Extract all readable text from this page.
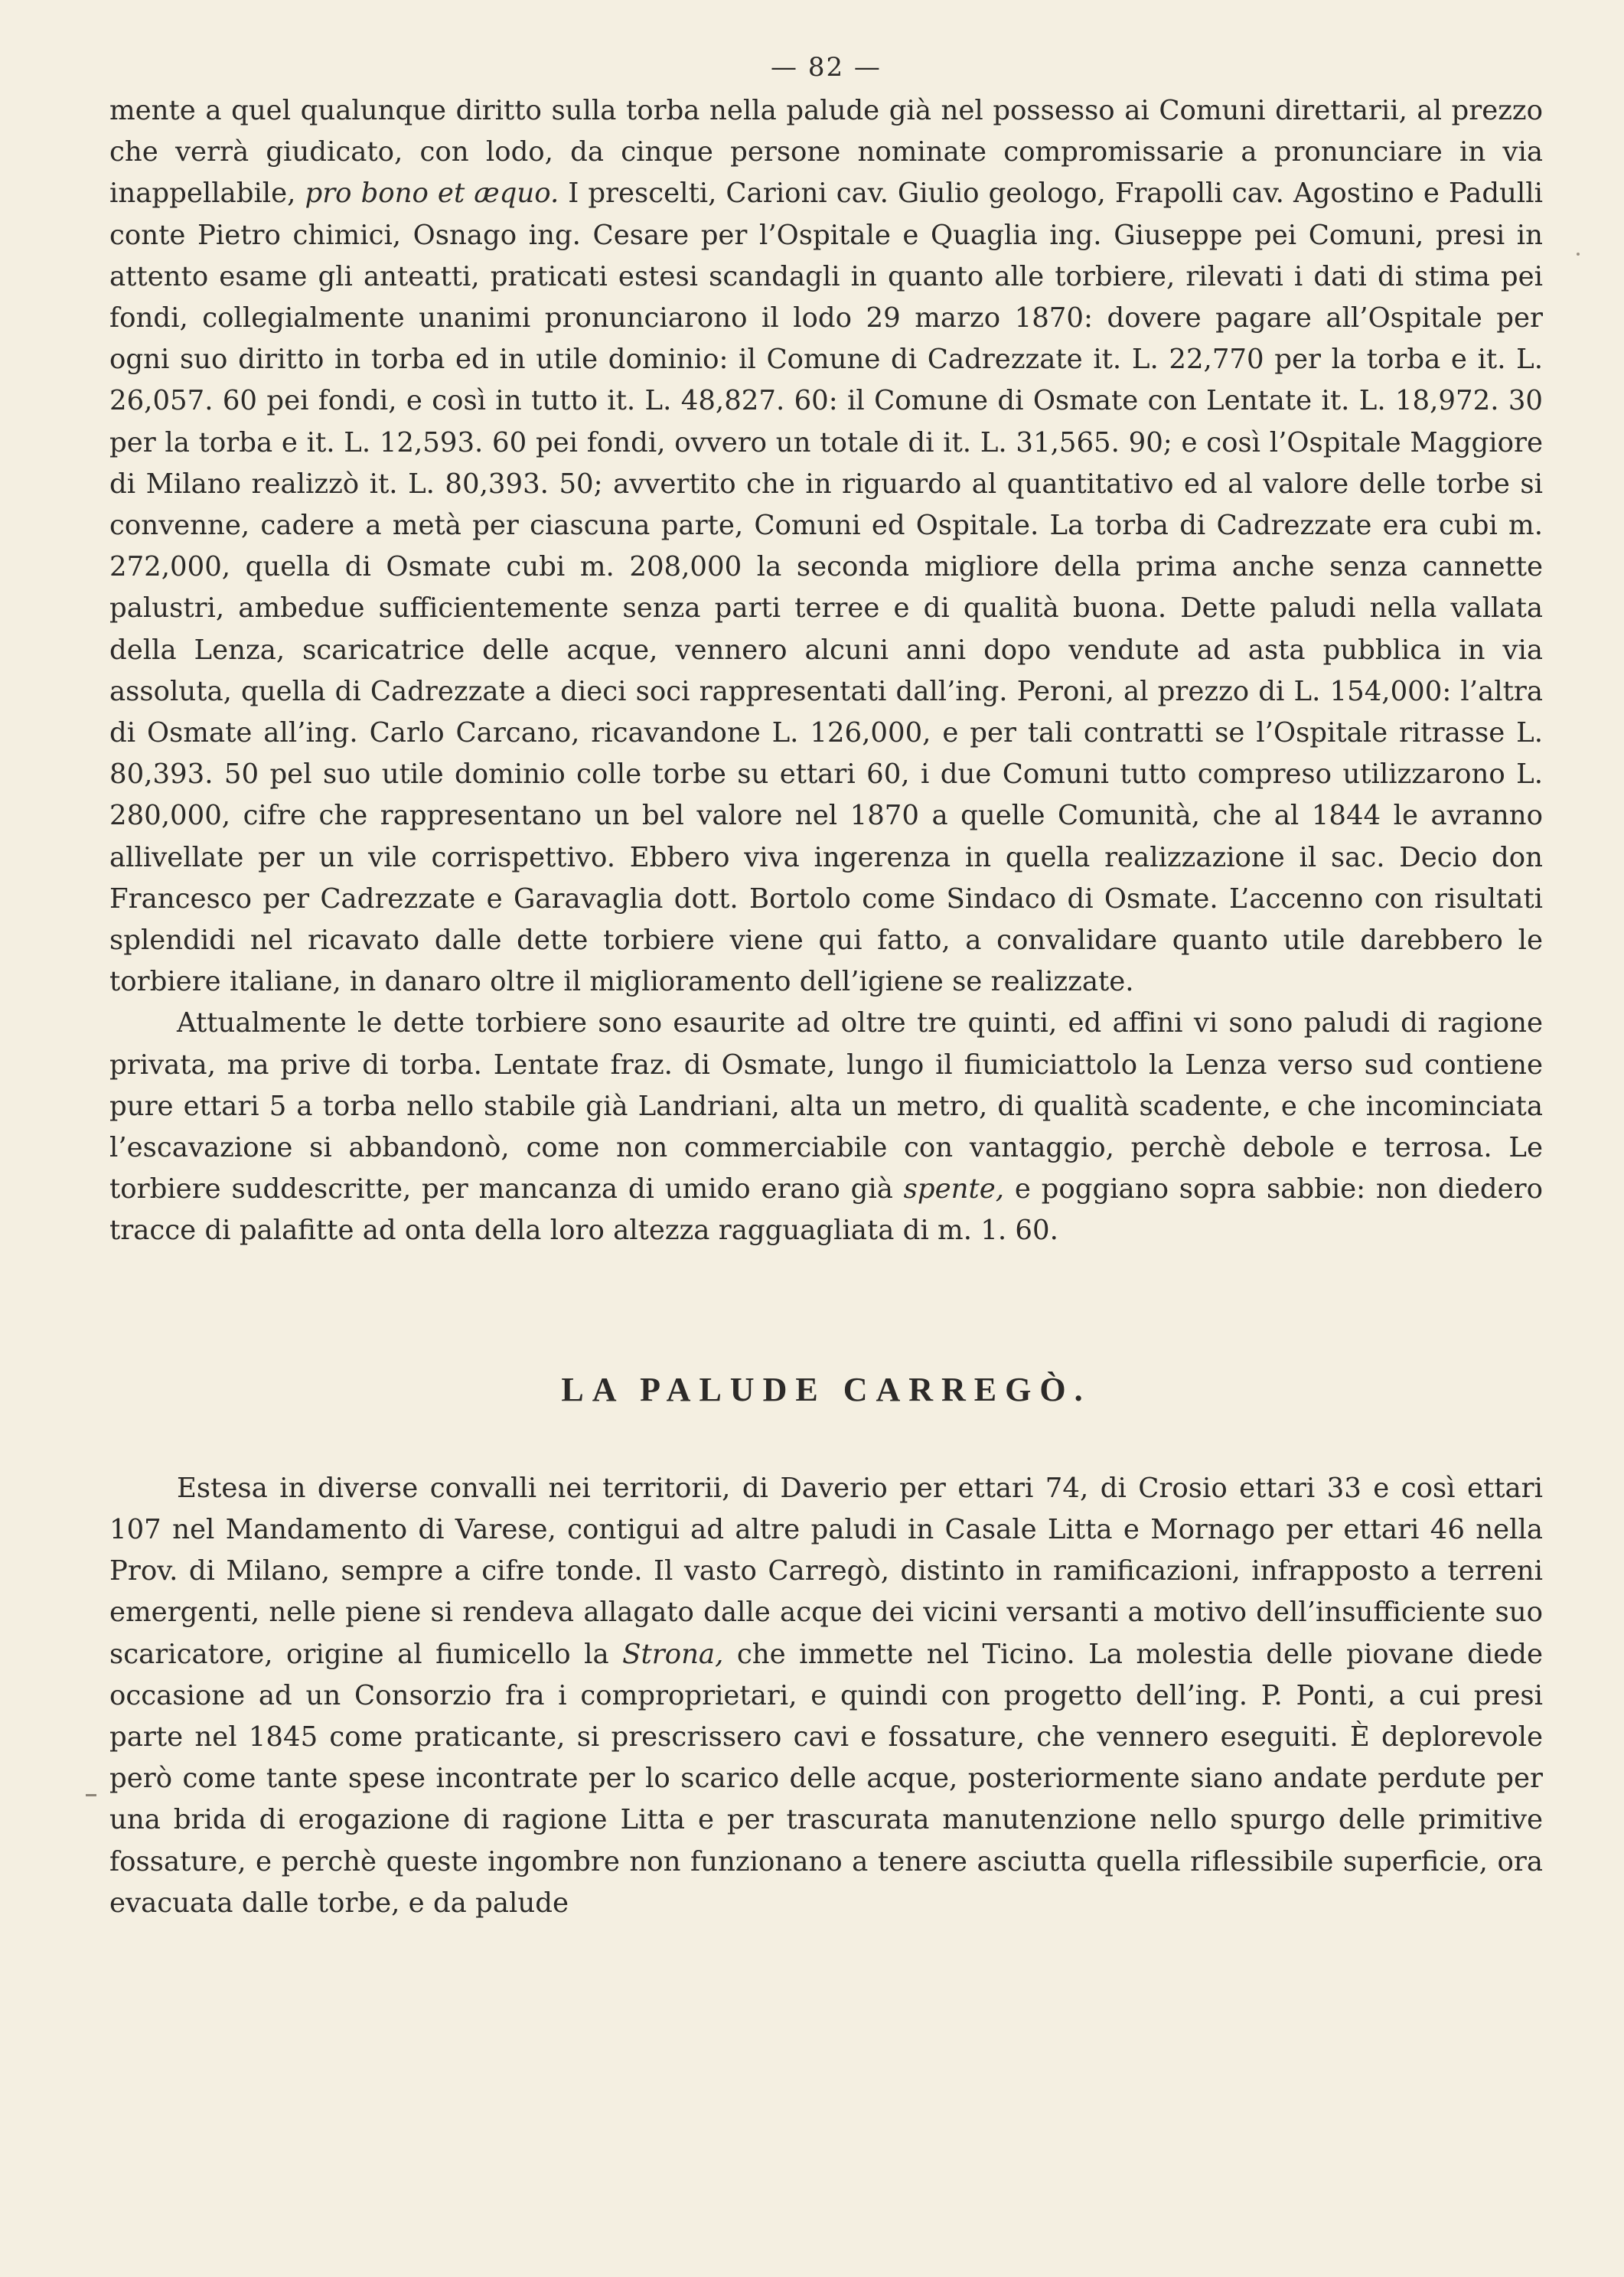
— 82 —

mente a quel qualunque diritto sulla torba nella palude già nel possesso ai Comuni direttarii, al prezzo che verrà giudicato, con lodo, da cinque persone nominate compromissarie a pronunciare in via inappellabile, pro bono et æquo. I prescelti, Carioni cav. Giulio geologo, Frapolli cav. Agostino e Padulli conte Pietro chimici, Osnago ing. Cesare per l’Ospitale e Quaglia ing. Giuseppe pei Comuni, presi in attento esame gli anteatti, praticati estesi scandagli in quanto alle torbiere, rilevati i dati di stima pei fondi, collegialmente unanimi pronunciarono il lodo 29 marzo 1870: dovere pagare all’Ospitale per ogni suo diritto in torba ed in utile dominio: il Comune di Cadrezzate it. L. 22,770 per la torba e it. L. 26,057. 60 pei fondi, e così in tutto it. L. 48,827. 60: il Comune di Osmate con Lentate it. L. 18,972. 30 per la torba e it. L. 12,593. 60 pei fondi, ovvero un totale di it. L. 31,565. 90; e così l’Ospitale Maggiore di Milano realizzò it. L. 80,393. 50; avvertito che in riguardo al quantitativo ed al valore delle torbe si convenne, cadere a metà per ciascuna parte, Comuni ed Ospitale. La torba di Cadrezzate era cubi m. 272,000, quella di Osmate cubi m. 208,000 la seconda migliore della prima anche senza cannette palustri, ambedue sufficientemente senza parti terree e di qualità buona. Dette paludi nella vallata della Lenza, scaricatrice delle acque, vennero alcuni anni dopo vendute ad asta pubblica in via assoluta, quella di Cadrezzate a dieci soci rappresentati dall’ing. Peroni, al prezzo di L. 154,000: l’altra di Osmate all’ing. Carlo Carcano, ricavandone L. 126,000, e per tali contratti se l’Ospitale ritrasse L. 80,393. 50 pel suo utile dominio colle torbe su ettari 60, i due Comuni tutto compreso utilizzarono L. 280,000, cifre che rappresentano un bel valore nel 1870 a quelle Comunità, che al 1844 le avranno allivellate per un vile corrispettivo. Ebbero viva ingerenza in quella realizzazione il sac. Decio don Francesco per Cadrezzate e Garavaglia dott. Bortolo come Sindaco di Osmate. L’accenno con risultati splendidi nel ricavato dalle dette torbiere viene qui fatto, a convalidare quanto utile darebbero le torbiere italiane, in danaro oltre il miglioramento dell’igiene se realizzate.

Attualmente le dette torbiere sono esaurite ad oltre tre quinti, ed affini vi sono paludi di ragione privata, ma prive di torba. Lentate fraz. di Osmate, lungo il fiumiciattolo la Lenza verso sud contiene pure ettari 5 a torba nello stabile già Landriani, alta un metro, di qualità scadente, e che incominciata l’escavazione si abbandonò, come non commerciabile con vantaggio, perchè debole e terrosa. Le torbiere suddescritte, per mancanza di umido erano già spente, e poggiano sopra sabbie: non diedero tracce di palafitte ad onta della loro altezza ragguagliata di m. 1. 60.

LA PALUDE CARREGÒ.

Estesa in diverse convalli nei territorii, di Daverio per ettari 74, di Crosio ettari 33 e così ettari 107 nel Mandamento di Varese, contigui ad altre paludi in Casale Litta e Mornago per ettari 46 nella Prov. di Milano, sempre a cifre tonde. Il vasto Carregò, distinto in ramificazioni, infrapposto a terreni emergenti, nelle piene si rendeva allagato dalle acque dei vicini versanti a motivo dell’insufficiente suo scaricatore, origine al fiumicello la Strona, che immette nel Ticino. La molestia delle piovane diede occasione ad un Consorzio fra i comproprietari, e quindi con progetto dell’ing. P. Ponti, a cui presi parte nel 1845 come praticante, si prescrissero cavi e fossature, che vennero eseguiti. È deplorevole però come tante spese incontrate per lo scarico delle acque, posteriormente siano andate perdute per una brida di erogazione di ragione Litta e per trascurata manutenzione nello spurgo delle primitive fossature, e perchè queste ingombre non funzionano a tenere asciutta quella riflessibile superficie, ora evacuata dalle torbe, e da palude
